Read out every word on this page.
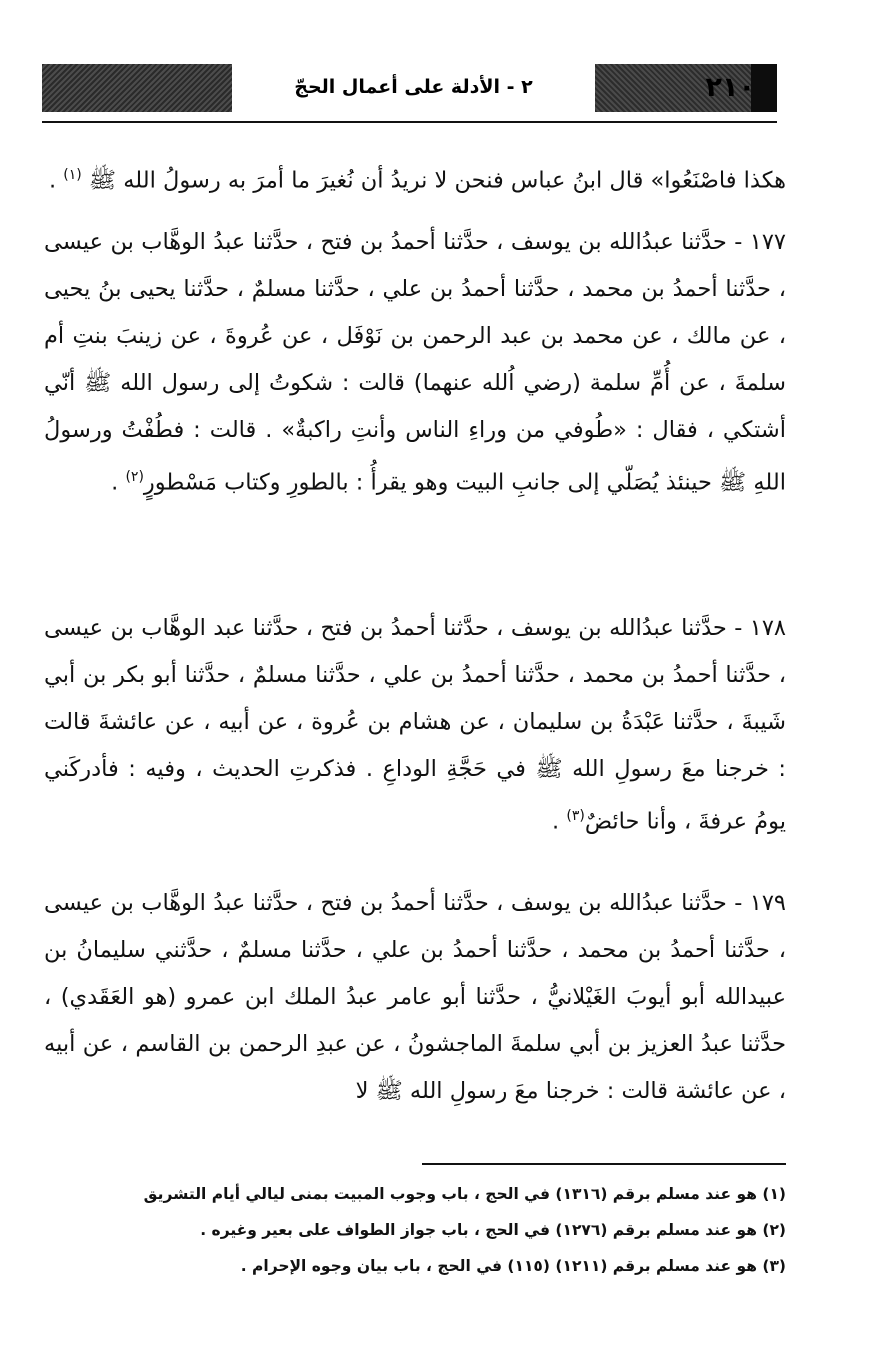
٢١٠
٢ - الأدلة على أعمال الحجّ
هكذا فاصْنَعُوا» قال ابنُ عباس فنحن لا نريدُ أن نُغيرَ ما أمرَ به رسولُ الله ﷺ $^{(١)}$ .
١٧٧ - حدَّثنا عبدُالله بن يوسف ، حدَّثنا أحمدُ بن فتح ، حدَّثنا عبدُ الوهَّاب بن عيسى ، حدَّثنا أحمدُ بن محمد ، حدَّثنا أحمدُ بن علي ، حدَّثنا مسلمٌ ، حدَّثنا يحيى بنُ يحيى ، عن مالك ، عن محمد بن عبد الرحمن بن نَوْفَل ، عن عُروةَ ، عن زينبَ بنتِ أم سلمةَ ، عن أُمِّ سلمة (رضي اُلله عنهما) قالت : شكوتُ إلى رسول الله ﷺ أنّي أشتكي ، فقال : «طُوفي من وراءِ الناس وأنتِ راكبةٌ» . قالت : فطُفْتُ ورسولُ اللهِ ﷺ حينئذ يُصَلّي إلى جانبِ البيت وهو يقرأُ : بالطورِ وكتاب مَسْطورٍ$^{(٢)}$ .
١٧٨ - حدَّثنا عبدُالله بن يوسف ، حدَّثنا أحمدُ بن فتح ، حدَّثنا عبد الوهَّاب بن عيسى ، حدَّثنا أحمدُ بن محمد ، حدَّثنا أحمدُ بن علي ، حدَّثنا مسلمٌ ، حدَّثنا أبو بكر بن أبي شَيبةَ ، حدَّثنا عَبْدَةُ بن سليمان ، عن هشام بن عُروة ، عن أبيه ، عن عائشةَ قالت : خرجنا معَ رسولِ الله ﷺ في حَجَّةِ الوداعِ . فذكرتِ الحديث ، وفيه : فأدركَني يومُ عرفةَ ، وأنا حائضٌ$^{(٣)}$ .
١٧٩ - حدَّثنا عبدُالله بن يوسف ، حدَّثنا أحمدُ بن فتح ، حدَّثنا عبدُ الوهَّاب بن عيسى ، حدَّثنا أحمدُ بن محمد ، حدَّثنا أحمدُ بن علي ، حدَّثنا مسلمٌ ، حدَّثني سليمانُ بن عبيدالله أبو أيوبَ الغَيْلانيُّ ، حدَّثنا أبو عامر عبدُ الملك ابن عمرو (هو العَقَدي) ، حدَّثنا عبدُ العزيز بن أبي سلمةَ الماجشونُ ، عن عبدِ الرحمن بن القاسم ، عن أبيه ، عن عائشة قالت : خرجنا معَ رسولِ الله ﷺ لا
(١) هو عند مسلم برقم (١٣١٦) في الحج ، باب وجوب المبيت بمنى ليالي أيام التشريق
(٢) هو عند مسلم برقم (١٢٧٦) في الحج ، باب جواز الطواف على بعير وغيره .
(٣) هو عند مسلم برقم (١٢١١) (١١٥) في الحج ، باب بيان وجوه الإحرام .
